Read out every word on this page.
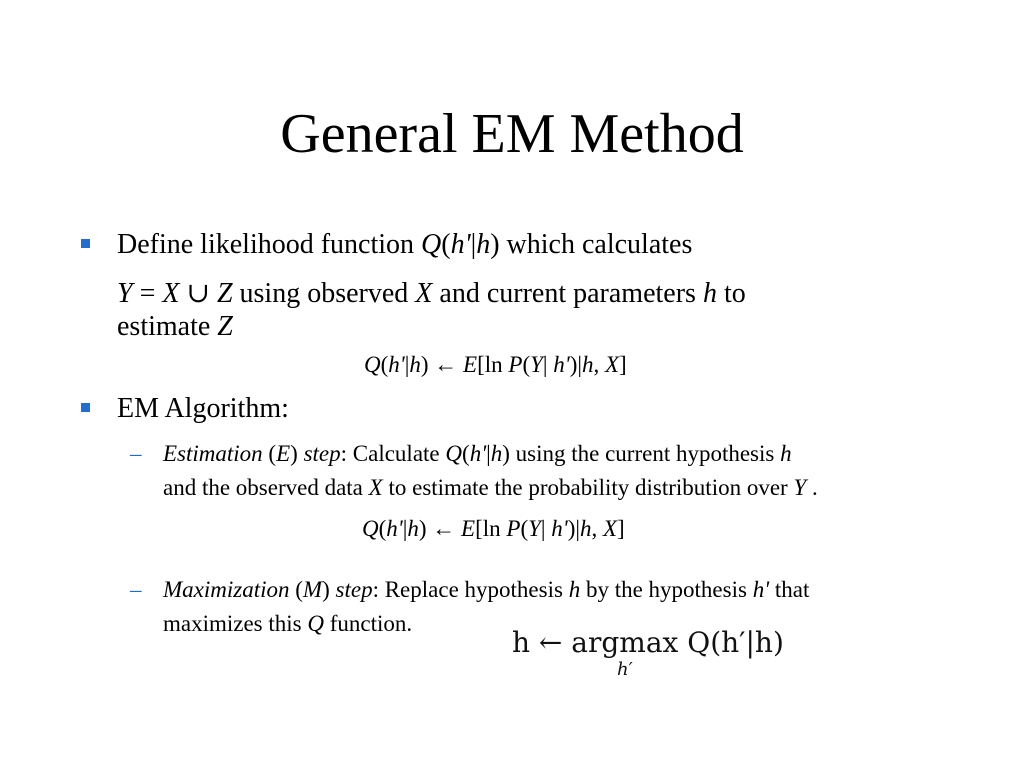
General EM Method
Define likelihood function Q(h'|h) which calculates
Y = X ∪ Z using observed X and current parameters h to
estimate Z
Q(h'|h) ← E[ln P(Y| h')|h, X]
EM Algorithm:
– Estimation (E) step: Calculate Q(h'|h) using the current hypothesis h
and the observed data X to estimate the probability distribution over Y .
Q(h'|h) ← E[ln P(Y| h')|h, X]
– Maximization (M) step: Replace hypothesis h by the hypothesis h' that
maximizes this Q function.
h ← argmax Q(h′|h)
h′
